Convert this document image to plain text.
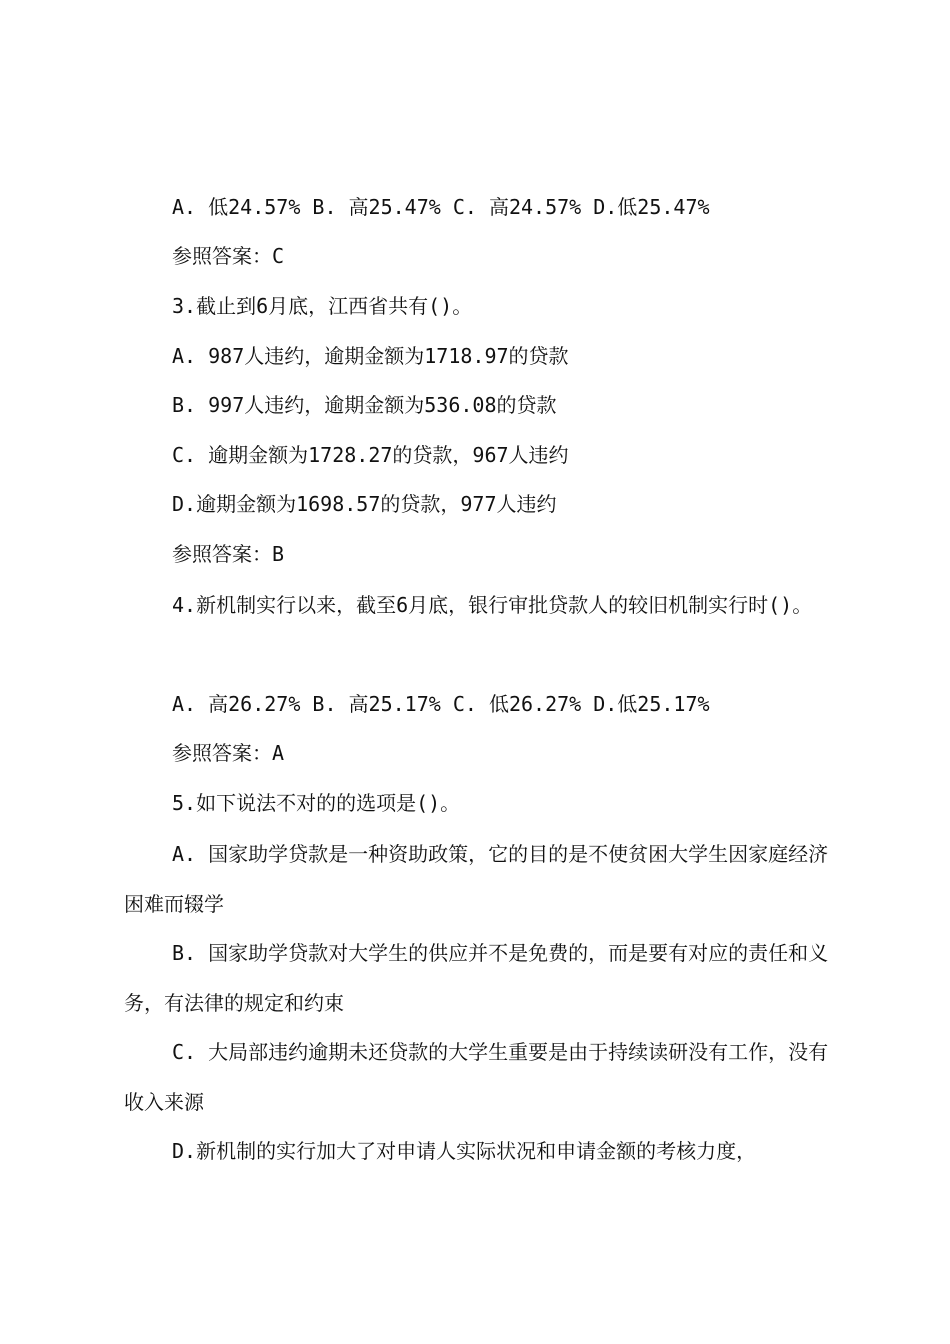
A. 低24.57% B. 高25.47% C. 高24.57% D.低25.47%
参照答案：C
3.截止到6月底，江西省共有()。
A. 987人违约，逾期金额为1718.97的贷款
B. 997人违约，逾期金额为536.08的贷款
C. 逾期金额为1728.27的贷款，967人违约
D.逾期金额为1698.57的贷款，977人违约
参照答案：B
4.新机制实行以来，截至6月底，银行审批贷款人的较旧机制实行时()。
A. 高26.27% B. 高25.17% C. 低26.27% D.低25.17%
参照答案：A
5.如下说法不对的的选项是()。
A. 国家助学贷款是一种资助政策，它的目的是不使贫困大学生因家庭经济困难而辍学
B. 国家助学贷款对大学生的供应并不是免费的，而是要有对应的责任和义务，有法律的规定和约束
C. 大局部违约逾期未还贷款的大学生重要是由于持续读研没有工作，没有收入来源
D.新机制的实行加大了对申请人实际状况和申请金额的考核力度，
